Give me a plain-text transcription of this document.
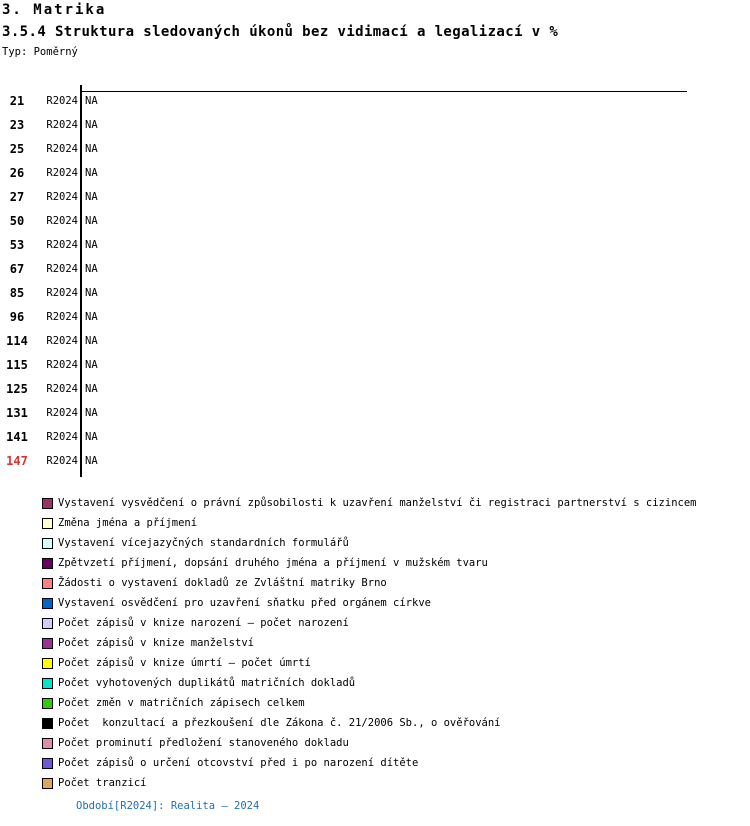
3. Matrika
3.5.4 Struktura sledovaných úkonů bez vidimací a legalizací v %
Typ: Poměrný
21	R2024 NA
23	R2024 NA
25	R2024 NA
26	R2024 NA
27	R2024 NA
50	R2024 NA
53	R2024 NA
67	R2024 NA
85	R2024 NA
96	R2024 NA
114	R2024 NA
115	R2024 NA
125	R2024 NA
131	R2024 NA
141	R2024 NA
147	R2024 NA
Vystavení vysvědčení o právní způsobilosti k uzavření manželství či registraci partnerství s cizincem
Změna jména a příjmení
Vystavení vícejazyčných standardních formulářů
Zpětvzetí příjmení, dopsání druhého jména a příjmení v mužském tvaru
Žádosti o vystavení dokladů ze Zvláštní matriky Brno
Vystavení osvědčení pro uzavření sňatku před orgánem církve
Počet zápisů v knize narození – počet narození
Počet zápisů v knize manželství
Počet zápisů v knize úmrtí – počet úmrtí
Počet vyhotovených duplikátů matričních dokladů
Počet změn v matričních zápisech celkem
Počet  konzultací a přezkoušení dle Zákona č. 21/2006 Sb., o ověřování
Počet prominutí předložení stanoveného dokladu
Počet zápisů o určení otcovství před i po narození dítěte
Počet tranzicí
Období[R2024]: Realita – 2024
